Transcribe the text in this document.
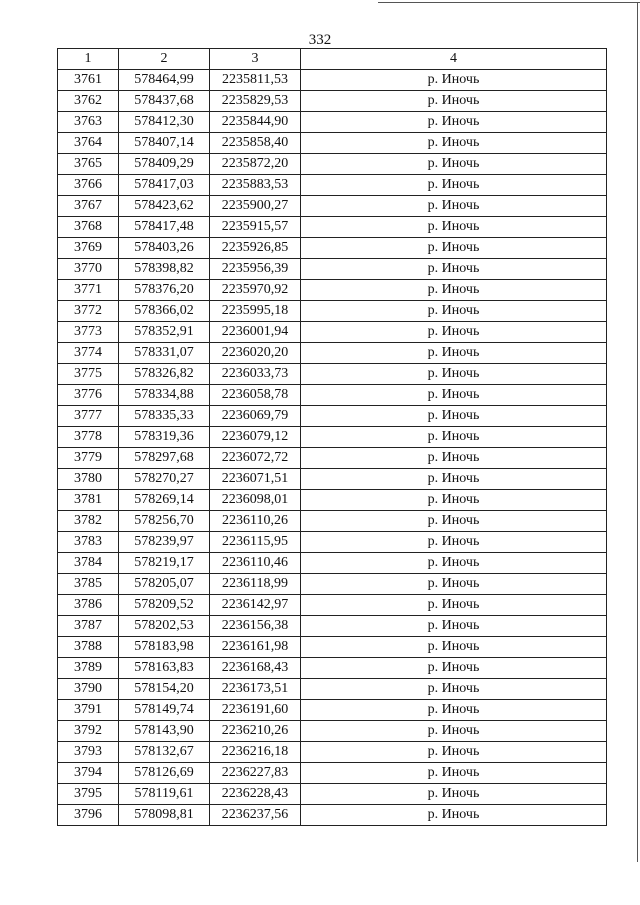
332
1	2	3	4
3761	578464,99	2235811,53	р. Иночь
3762	578437,68	2235829,53	р. Иночь
3763	578412,30	2235844,90	р. Иночь
3764	578407,14	2235858,40	р. Иночь
3765	578409,29	2235872,20	р. Иночь
3766	578417,03	2235883,53	р. Иночь
3767	578423,62	2235900,27	р. Иночь
3768	578417,48	2235915,57	р. Иночь
3769	578403,26	2235926,85	р. Иночь
3770	578398,82	2235956,39	р. Иночь
3771	578376,20	2235970,92	р. Иночь
3772	578366,02	2235995,18	р. Иночь
3773	578352,91	2236001,94	р. Иночь
3774	578331,07	2236020,20	р. Иночь
3775	578326,82	2236033,73	р. Иночь
3776	578334,88	2236058,78	р. Иночь
3777	578335,33	2236069,79	р. Иночь
3778	578319,36	2236079,12	р. Иночь
3779	578297,68	2236072,72	р. Иночь
3780	578270,27	2236071,51	р. Иночь
3781	578269,14	2236098,01	р. Иночь
3782	578256,70	2236110,26	р. Иночь
3783	578239,97	2236115,95	р. Иночь
3784	578219,17	2236110,46	р. Иночь
3785	578205,07	2236118,99	р. Иночь
3786	578209,52	2236142,97	р. Иночь
3787	578202,53	2236156,38	р. Иночь
3788	578183,98	2236161,98	р. Иночь
3789	578163,83	2236168,43	р. Иночь
3790	578154,20	2236173,51	р. Иночь
3791	578149,74	2236191,60	р. Иночь
3792	578143,90	2236210,26	р. Иночь
3793	578132,67	2236216,18	р. Иночь
3794	578126,69	2236227,83	р. Иночь
3795	578119,61	2236228,43	р. Иночь
3796	578098,81	2236237,56	р. Иночь
